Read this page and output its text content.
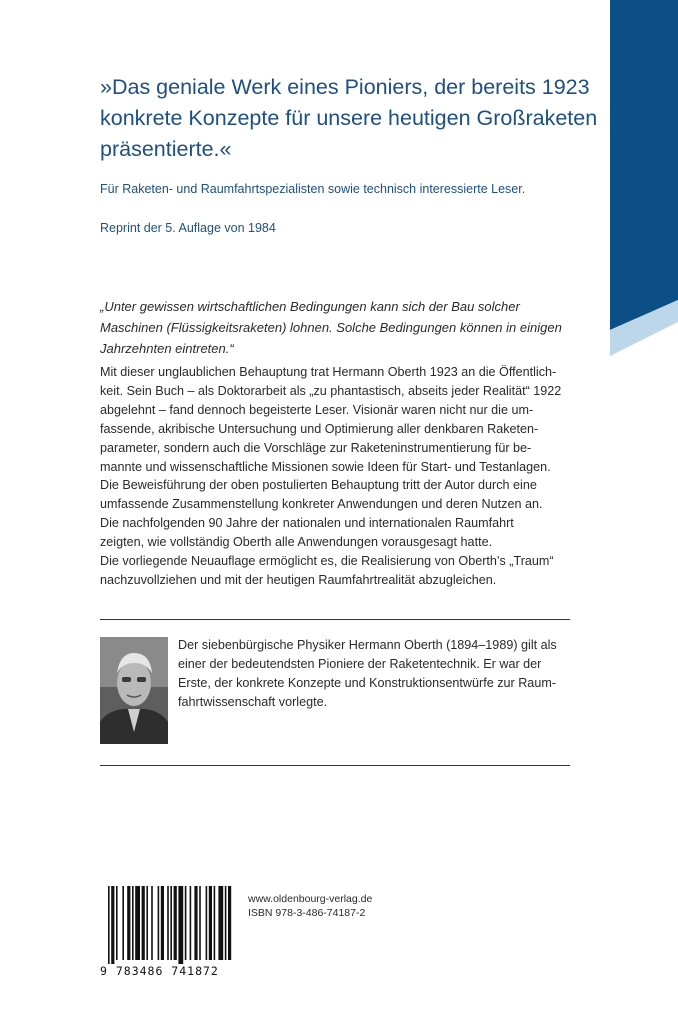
»Das geniale Werk eines Pioniers, der bereits 1923
konkrete Konzepte für unsere heutigen Großraketen
präsentierte.«
Für Raketen- und Raumfahrtspezialisten sowie technisch interessierte Leser.
Reprint der 5. Auflage von 1984
„Unter gewissen wirtschaftlichen Bedingungen kann sich der Bau solcher
Maschinen (Flüssigkeitsraketen) lohnen. Solche Bedingungen können in einigen
Jahrzehnten eintreten.“

Mit dieser unglaublichen Behauptung trat Hermann Oberth 1923 an die Öffentlich-

keit. Sein Buch – als Doktorarbeit als „zu phantastisch, abseits jeder Realität“ 1922

abgelehnt – fand dennoch begeisterte Leser. Visionär waren nicht nur die um-

fassende, akribische Untersuchung und Optimierung aller denkbaren Raketen-

parameter, sondern auch die Vorschläge zur Raketeninstrumentierung für be-

mannte und wissenschaftliche Missionen sowie Ideen für Start- und Testanlagen.

Die Beweisführung der oben postulierten Behauptung tritt der Autor durch eine

umfassende Zusammenstellung konkreter Anwendungen und deren Nutzen an.

Die nachfolgenden 90 Jahre der nationalen und internationalen Raumfahrt

zeigten, wie vollständig Oberth alle Anwendungen vorausgesagt hatte.

Die vorliegende Neuauflage ermöglicht es, die Realisierung von Oberth’s „Traum“

nachzuvollziehen und mit der heutigen Raumfahrtrealität abzugleichen.

Der siebenbürgische Physiker Hermann Oberth (1894–1989) gilt als
einer der bedeutendsten Pioniere der Raketentechnik. Er war der
Erste, der konkrete Konzepte und Konstruktionsentwürfe zur Raum-
fahrtwissenschaft vorlegte.
9 783486 741872
www.oldenbourg-verlag.de
ISBN 978-3-486-74187-2
